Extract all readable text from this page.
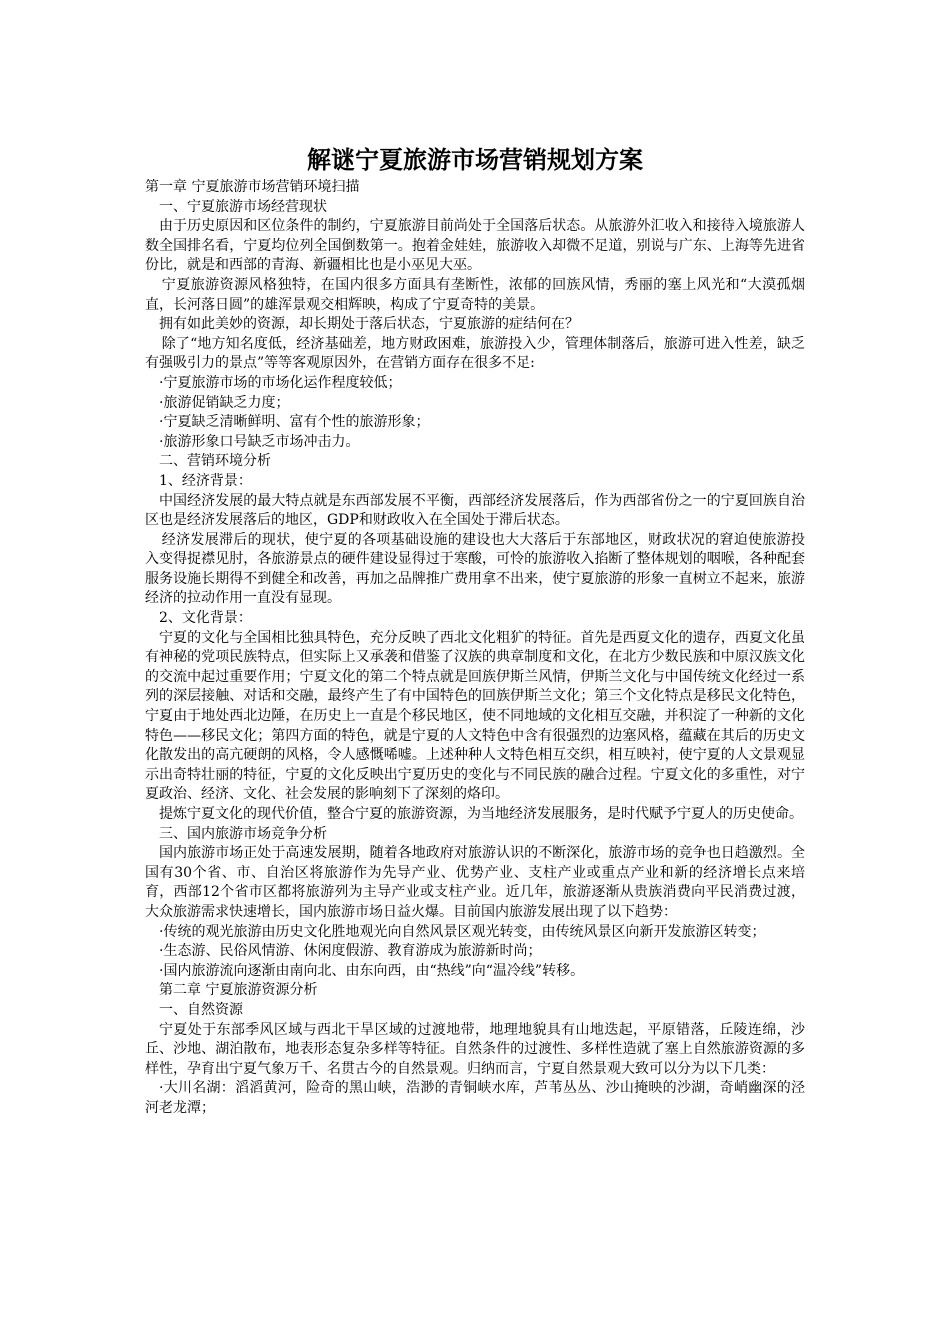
解谜宁夏旅游市场营销规划方案

第一章 宁夏旅游市场营销环境扫描

一、宁夏旅游市场经营现状

由于历史原因和区位条件的制约，宁夏旅游目前尚处于全国落后状态。从旅游外汇收入和接待入境旅游人数全国排名看，宁夏均位列全国倒数第一。抱着金娃娃，旅游收入却微不足道，别说与广东、上海等先进省份比，就是和西部的青海、新疆相比也是小巫见大巫。

宁夏旅游资源风格独特，在国内很多方面具有垄断性，浓郁的回族风情，秀丽的塞上风光和“大漠孤烟直，长河落日圆”的雄浑景观交相辉映，构成了宁夏奇特的美景。

拥有如此美妙的资源，却长期处于落后状态，宁夏旅游的症结何在？

除了“地方知名度低，经济基础差，地方财政困难，旅游投入少，管理体制落后，旅游可进入性差，缺乏有强吸引力的景点”等等客观原因外，在营销方面存在很多不足:

·宁夏旅游市场的市场化运作程度较低；

·旅游促销缺乏力度；

·宁夏缺乏清晰鲜明、富有个性的旅游形象；

·旅游形象口号缺乏市场冲击力。

二、营销环境分析

1、经济背景：

中国经济发展的最大特点就是东西部发展不平衡，西部经济发展落后，作为西部省份之一的宁夏回族自治区也是经济发展落后的地区，GDP和财政收入在全国处于滞后状态。

经济发展滞后的现状，使宁夏的各项基础设施的建设也大大落后于东部地区，财政状况的窘迫使旅游投入变得捉襟见肘，各旅游景点的硬件建设显得过于寒酸，可怜的旅游收入掐断了整体规划的咽喉，各种配套服务设施长期得不到健全和改善，再加之品牌推广费用拿不出来，使宁夏旅游的形象一直树立不起来，旅游经济的拉动作用一直没有显现。

2、文化背景：

宁夏的文化与全国相比独具特色，充分反映了西北文化粗犷的特征。首先是西夏文化的遗存，西夏文化虽有神秘的党项民族特点，但实际上又承袭和借鉴了汉族的典章制度和文化，在北方少数民族和中原汉族文化的交流中起过重要作用；宁夏文化的第二个特点就是回族伊斯兰风情，伊斯兰文化与中国传统文化经过一系列的深层接触、对话和交融，最终产生了有中国特色的回族伊斯兰文化；第三个文化特点是移民文化特色，宁夏由于地处西北边陲，在历史上一直是个移民地区，使不同地域的文化相互交融，并积淀了一种新的文化特色——移民文化；第四方面的特色，就是宁夏的人文特色中含有很强烈的边塞风格，蕴藏在其后的历史文化散发出的高亢硬朗的风格，令人感慨唏嘘。上述种种人文特色相互交织，相互映衬，使宁夏的人文景观显示出奇特壮丽的特征，宁夏的文化反映出宁夏历史的变化与不同民族的融合过程。宁夏文化的多重性，对宁夏政治、经济、文化、社会发展的影响刻下了深刻的烙印。

提炼宁夏文化的现代价值，整合宁夏的旅游资源，为当地经济发展服务，是时代赋予宁夏人的历史使命。

三、国内旅游市场竞争分析

国内旅游市场正处于高速发展期，随着各地政府对旅游认识的不断深化，旅游市场的竞争也日趋激烈。全国有30个省、市、自治区将旅游作为先导产业、优势产业、支柱产业或重点产业和新的经济增长点来培育，西部12个省市区都将旅游列为主导产业或支柱产业。近几年，旅游逐渐从贵族消费向平民消费过渡，大众旅游需求快速增长，国内旅游市场日益火爆。目前国内旅游发展出现了以下趋势：

·传统的观光旅游由历史文化胜地观光向自然风景区观光转变，由传统风景区向新开发旅游区转变；

·生态游、民俗风情游、休闲度假游、教育游成为旅游新时尚；

·国内旅游流向逐渐由南向北、由东向西，由“热线”向“温冷线”转移。

第二章 宁夏旅游资源分析

一、自然资源

宁夏处于东部季风区域与西北干旱区域的过渡地带，地理地貌具有山地迭起，平原错落，丘陵连绵，沙丘、沙地、湖泊散布，地表形态复杂多样等特征。自然条件的过渡性、多样性造就了塞上自然旅游资源的多样性，孕育出宁夏气象万千、名贯古今的自然景观。归纳而言，宁夏自然景观大致可以分为以下几类：

·大川名湖：滔滔黄河，险奇的黑山峡，浩渺的青铜峡水库，芦苇丛丛、沙山掩映的沙湖，奇峭幽深的泾河老龙潭；
